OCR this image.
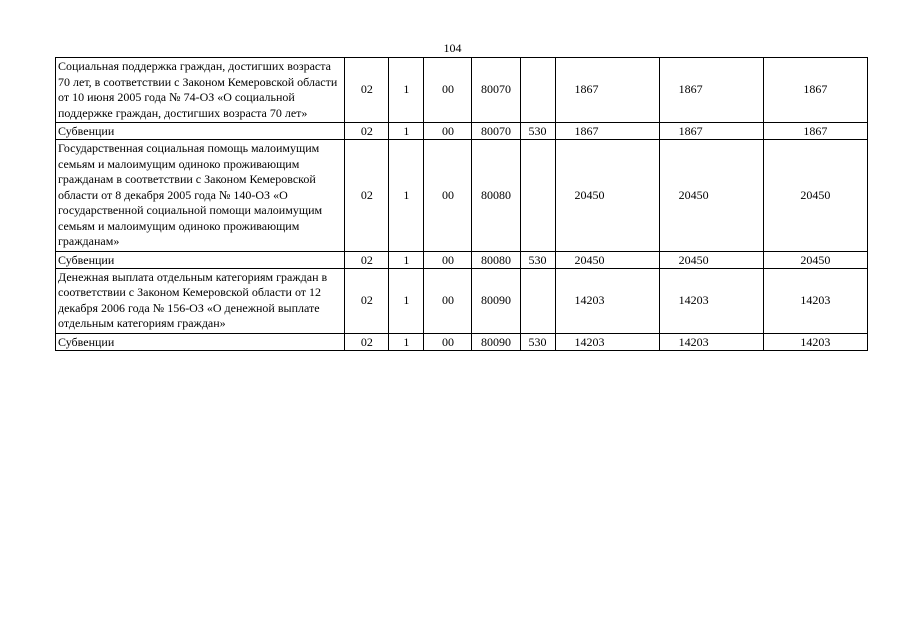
104
Социальная поддержка граждан, достигших возраста 70 лет, в соответствии с Законом Кемеровской области от 10 июня 2005 года № 74-ОЗ «О социальной поддержке граждан, достигших возраста 70 лет»	02	1	00	80070		1867	1867	1867
Субвенции	02	1	00	80070	530	1867	1867	1867
Государственная социальная помощь малоимущим семьям и малоимущим одиноко проживающим гражданам в соответствии с Законом Кемеровской области от 8 декабря 2005 года № 140-ОЗ «О государственной социальной помощи малоимущим семьям и малоимущим одиноко проживающим гражданам»	02	1	00	80080		20450	20450	20450
Субвенции	02	1	00	80080	530	20450	20450	20450
Денежная выплата отдельным категориям граждан в соответствии с Законом Кемеровской области от 12 декабря 2006 года № 156-ОЗ «О денежной выплате отдельным категориям граждан»	02	1	00	80090		14203	14203	14203
Субвенции	02	1	00	80090	530	14203	14203	14203
